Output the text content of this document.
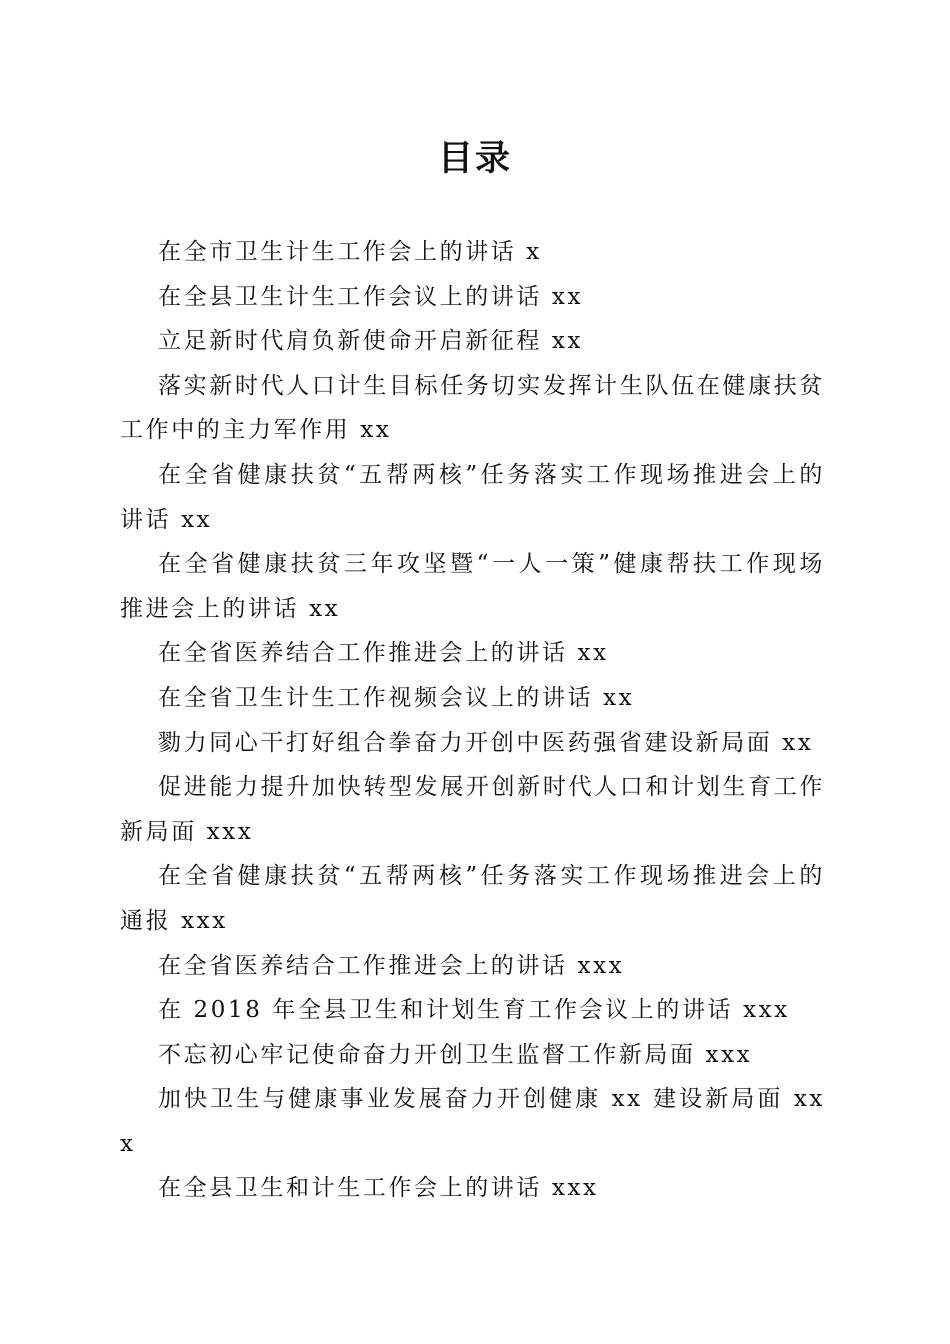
目录
在全市卫生计生工作会上的讲话 x
在全县卫生计生工作会议上的讲话 xx
立足新时代肩负新使命开启新征程 xx
落实新时代人口计生目标任务切实发挥计生队伍在健康扶贫工作中的主力军作用 xx
在全省健康扶贫“五帮两核”任务落实工作现场推进会上的讲话 xx
在全省健康扶贫三年攻坚暨“一人一策”健康帮扶工作现场推进会上的讲话 xx
在全省医养结合工作推进会上的讲话 xx
在全省卫生计生工作视频会议上的讲话 xx
勠力同心干打好组合拳奋力开创中医药强省建设新局面 xx
促进能力提升加快转型发展开创新时代人口和计划生育工作新局面 xxx
在全省健康扶贫“五帮两核”任务落实工作现场推进会上的通报 xxx
在全省医养结合工作推进会上的讲话 xxx
在 2018 年全县卫生和计划生育工作会议上的讲话 xxx
不忘初心牢记使命奋力开创卫生监督工作新局面 xxx
加快卫生与健康事业发展奋力开创健康 xx 建设新局面 xxx
在全县卫生和计生工作会上的讲话 xxx
